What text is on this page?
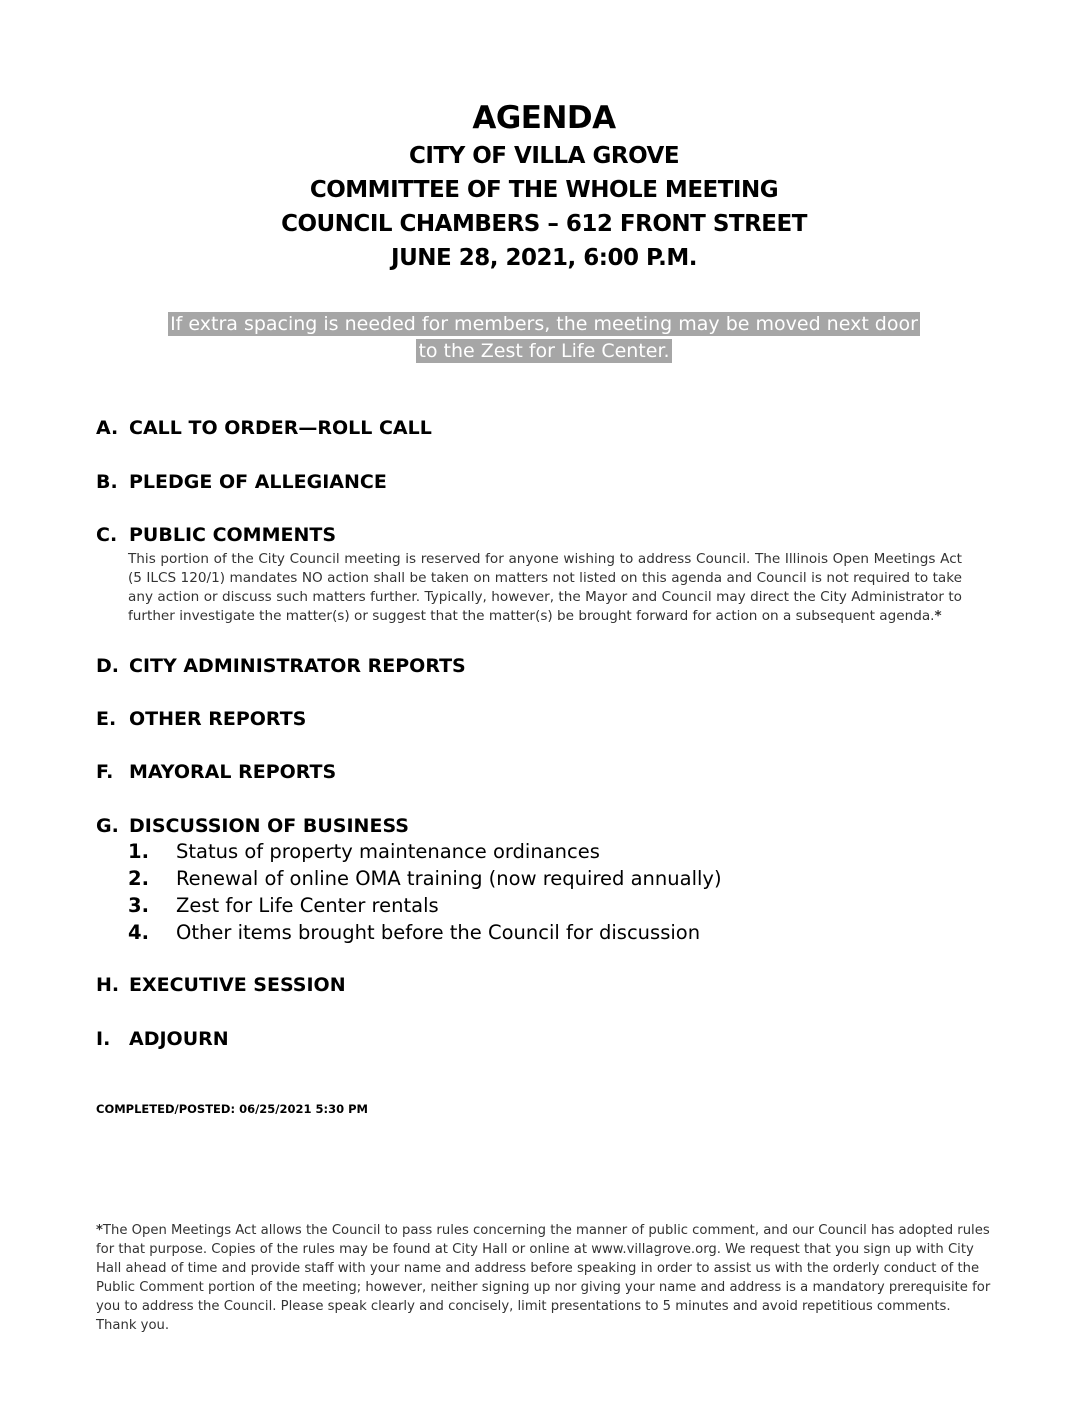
AGENDA
CITY OF VILLA GROVE
COMMITTEE OF THE WHOLE MEETING
COUNCIL CHAMBERS – 612 FRONT STREET
JUNE 28, 2021, 6:00 P.M.
If extra spacing is needed for members, the meeting may be moved next door
to the Zest for Life Center.
A. CALL TO ORDER—ROLL CALL
B. PLEDGE OF ALLEGIANCE
C. PUBLIC COMMENTS
This portion of the City Council meeting is reserved for anyone wishing to address Council. The Illinois Open Meetings Act (5 ILCS 120/1) mandates NO action shall be taken on matters not listed on this agenda and Council is not required to take any action or discuss such matters further. Typically, however, the Mayor and Council may direct the City Administrator to further investigate the matter(s) or suggest that the matter(s) be brought forward for action on a subsequent agenda.*
D. CITY ADMINISTRATOR REPORTS
E. OTHER REPORTS
F. MAYORAL REPORTS
G. DISCUSSION OF BUSINESS
1.	Status of property maintenance ordinances
2.	Renewal of online OMA training (now required annually)
3.	Zest for Life Center rentals
4.	Other items brought before the Council for discussion
H. EXECUTIVE SESSION
I. ADJOURN
COMPLETED/POSTED: 06/25/2021 5:30 PM
*The Open Meetings Act allows the Council to pass rules concerning the manner of public comment, and our Council has adopted rules for that purpose. Copies of the rules may be found at City Hall or online at www.villagrove.org. We request that you sign up with City Hall ahead of time and provide staff with your name and address before speaking in order to assist us with the orderly conduct of the Public Comment portion of the meeting; however, neither signing up nor giving your name and address is a mandatory prerequisite for you to address the Council. Please speak clearly and concisely, limit presentations to 5 minutes and avoid repetitious comments. Thank you.
